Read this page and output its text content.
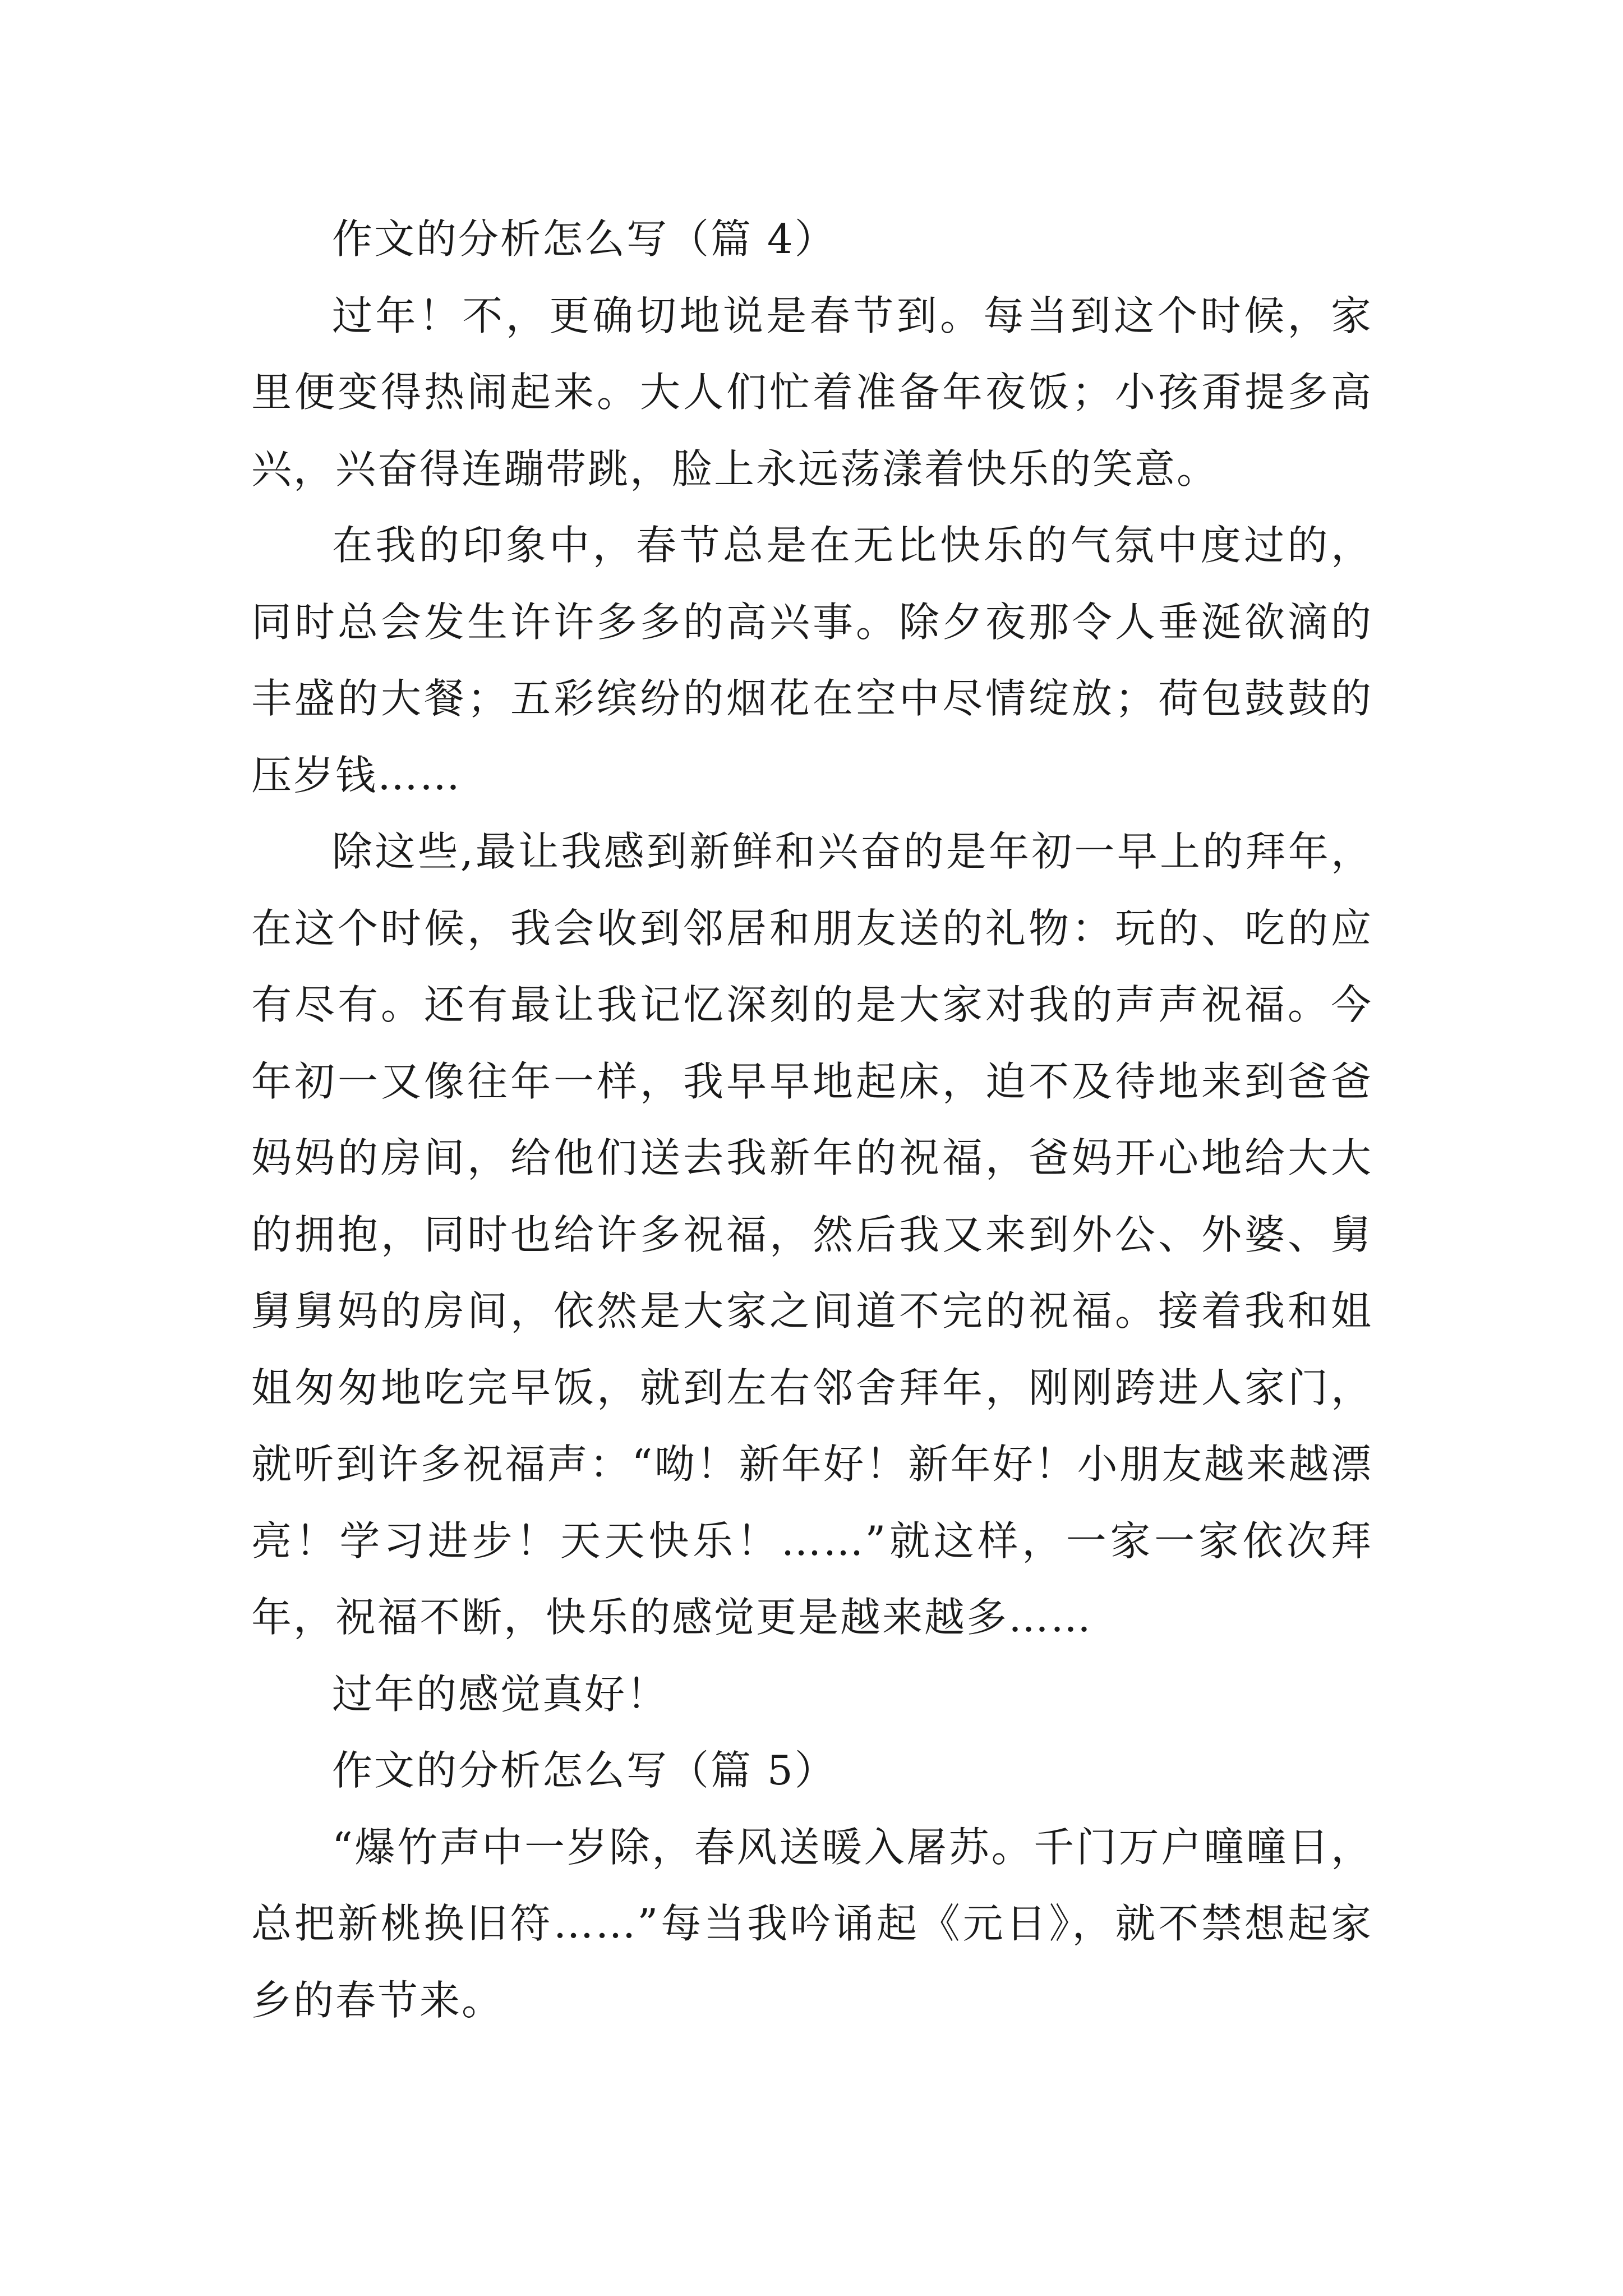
作文的分析怎么写（篇 4）

过年！不，更确切地说是春节到。每当到这个时候，家里便变得热闹起来。大人们忙着准备年夜饭；小孩甭提多高兴，兴奋得连蹦带跳，脸上永远荡漾着快乐的笑意。

在我的印象中，春节总是在无比快乐的气氛中度过的，同时总会发生许许多多的高兴事。除夕夜那令人垂涎欲滴的丰盛的大餐；五彩缤纷的烟花在空中尽情绽放；荷包鼓鼓的压岁钱……

除这些,最让我感到新鲜和兴奋的是年初一早上的拜年，在这个时候，我会收到邻居和朋友送的礼物：玩的、吃的应有尽有。还有最让我记忆深刻的是大家对我的声声祝福。今年初一又像往年一样，我早早地起床，迫不及待地来到爸爸妈妈的房间，给他们送去我新年的祝福，爸妈开心地给大大的拥抱，同时也给许多祝福，然后我又来到外公、外婆、舅舅舅妈的房间，依然是大家之间道不完的祝福。接着我和姐姐匆匆地吃完早饭，就到左右邻舍拜年，刚刚跨进人家门，就听到许多祝福声：“呦！新年好！新年好！小朋友越来越漂亮！学习进步！天天快乐！……”就这样，一家一家依次拜年，祝福不断，快乐的感觉更是越来越多……

过年的感觉真好！

作文的分析怎么写（篇 5）

“爆竹声中一岁除，春风送暖入屠苏。千门万户曈曈日，总把新桃换旧符……”每当我吟诵起《元日》，就不禁想起家乡的春节来。
